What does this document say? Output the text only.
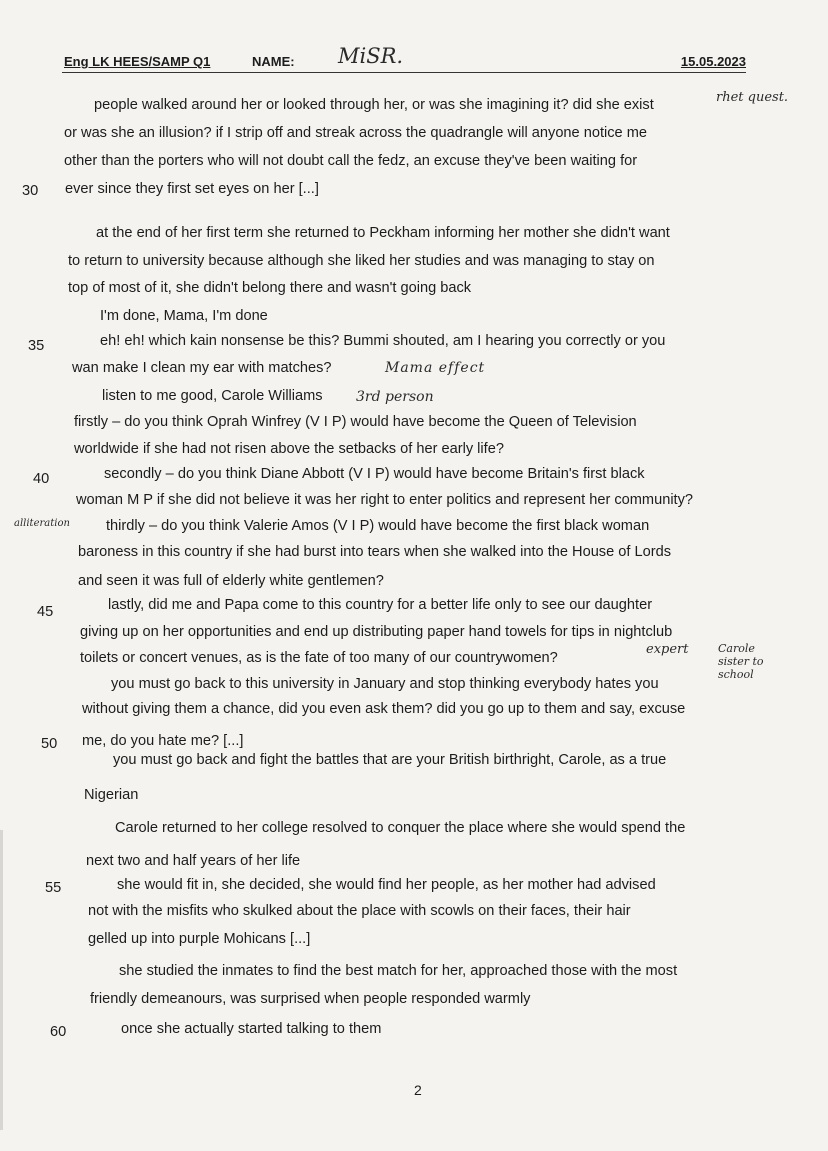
Eng LK HEES/SAMP Q1	NAME: MiSR.	15.05.2023
rhet quest.
Mama effect
3rd person
alliteration
expert	Carole sister to school
30
35
40
45
50
55
60
people walked around her or looked through her, or was she imagining it? did she exist
or was she an illusion? if I strip off and streak across the quadrangle will anyone notice me
other than the porters who will not doubt call the fedz, an excuse they've been waiting for
ever since they first set eyes on her [...]
at the end of her first term she returned to Peckham informing her mother she didn't want
to return to university because although she liked her studies and was managing to stay on
top of most of it, she didn't belong there and wasn't going back
I'm done, Mama, I'm done
eh! eh! which kain nonsense be this? Bummi shouted, am I hearing you correctly or you
wan make I clean my ear with matches?
listen to me good, Carole Williams
firstly – do you think Oprah Winfrey (V I P) would have become the Queen of Television
worldwide if she had not risen above the setbacks of her early life?
secondly – do you think Diane Abbott (V I P) would have become Britain's first black
woman M P if she did not believe it was her right to enter politics and represent her community?
thirdly – do you think Valerie Amos (V I P) would have become the first black woman
baroness in this country if she had burst into tears when she walked into the House of Lords
and seen it was full of elderly white gentlemen?
lastly, did me and Papa come to this country for a better life only to see our daughter
giving up on her opportunities and end up distributing paper hand towels for tips in nightclub
toilets or concert venues, as is the fate of too many of our countrywomen?
you must go back to this university in January and stop thinking everybody hates you
without giving them a chance, did you even ask them? did you go up to them and say, excuse
me, do you hate me? [...]
you must go back and fight the battles that are your British birthright, Carole, as a true
Nigerian
Carole returned to her college resolved to conquer the place where she would spend the
next two and half years of her life
she would fit in, she decided, she would find her people, as her mother had advised
not with the misfits who skulked about the place with scowls on their faces, their hair
gelled up into purple Mohicans [...]
she studied the inmates to find the best match for her, approached those with the most
friendly demeanours, was surprised when people responded warmly
once she actually started talking to them
2
